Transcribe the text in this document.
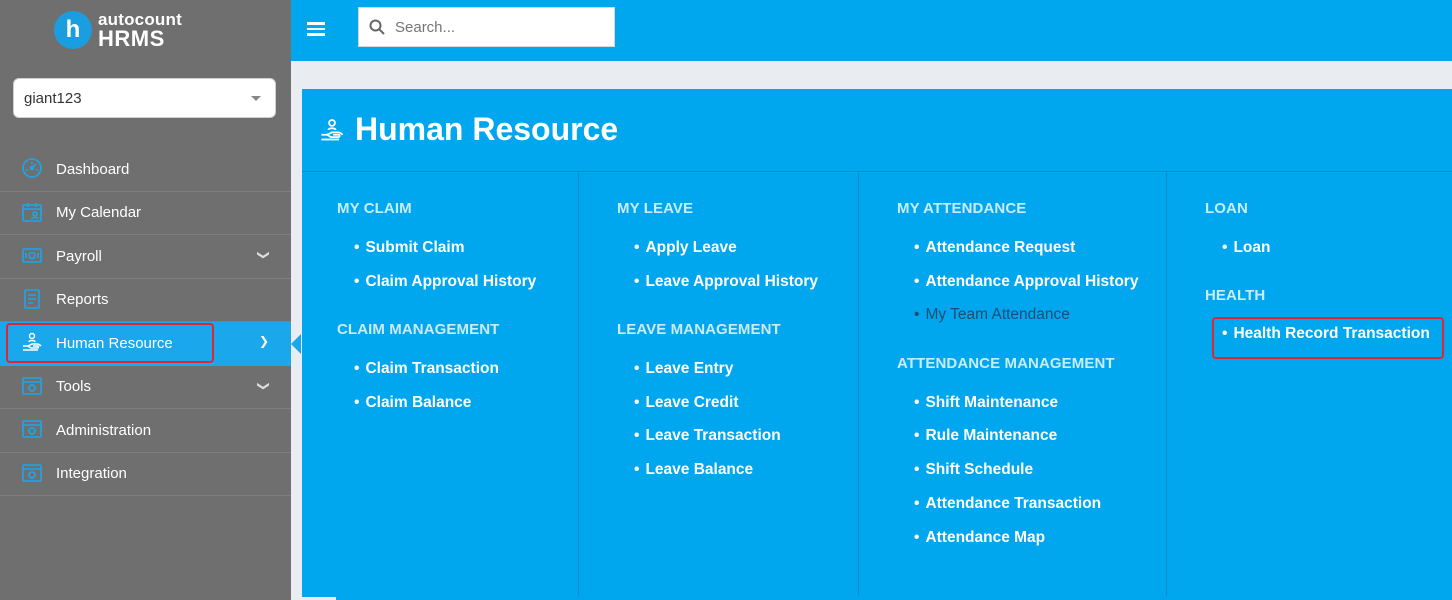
h	autocount
HRMS
giant123
Dashboard
My Calendar
Payroll	❯
Reports
Human Resource	❯
Tools	❯
Administration
Integration
Search...
Human Resource
MY CLAIM
• Submit Claim
• Claim Approval History
CLAIM MANAGEMENT
• Claim Transaction
• Claim Balance
MY LEAVE
• Apply Leave
• Leave Approval History
LEAVE MANAGEMENT
• Leave Entry
• Leave Credit
• Leave Transaction
• Leave Balance
MY ATTENDANCE
• Attendance Request
• Attendance Approval History
• My Team Attendance
ATTENDANCE MANAGEMENT
• Shift Maintenance
• Rule Maintenance
• Shift Schedule
• Attendance Transaction
• Attendance Map
LOAN
• Loan
HEALTH
• Health Record Transaction
